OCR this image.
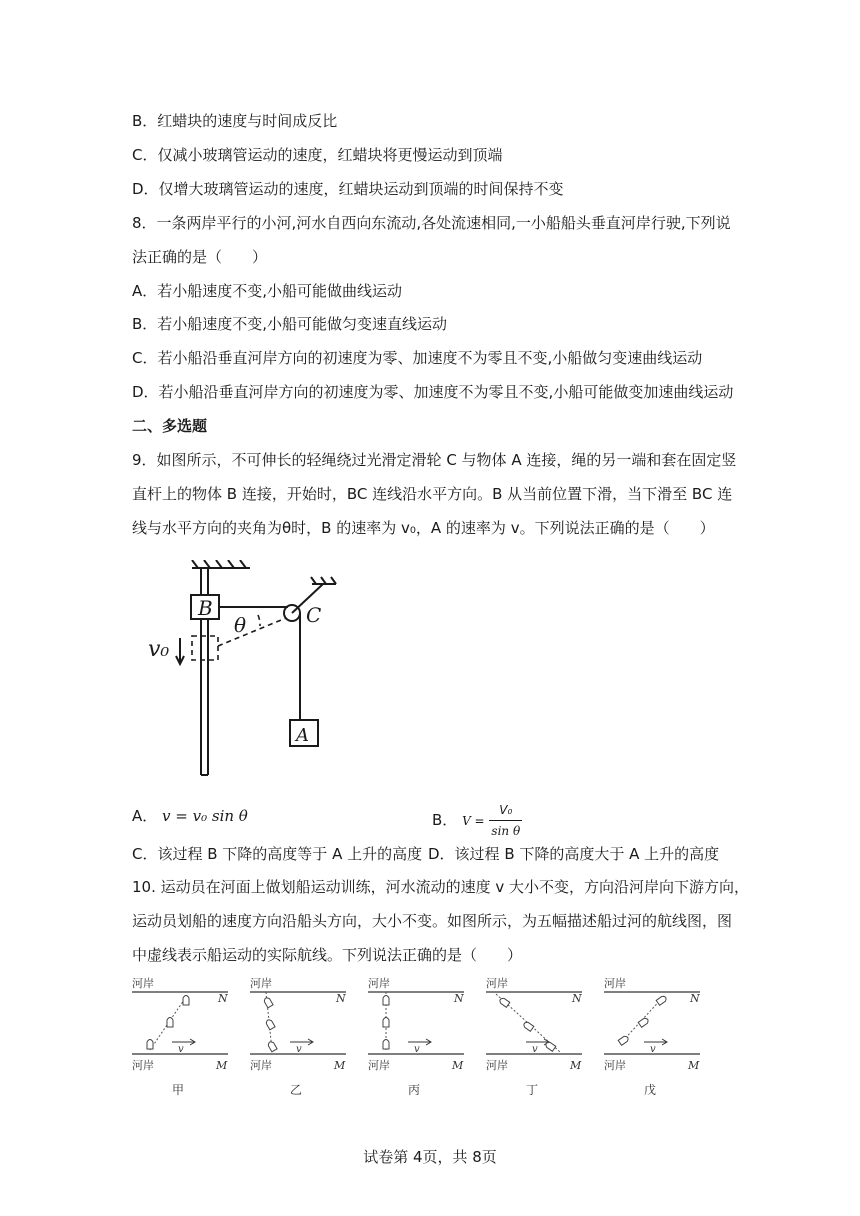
B．红蜡块的速度与时间成反比
C．仅减小玻璃管运动的速度，红蜡块将更慢运动到顶端
D．仅增大玻璃管运动的速度，红蜡块运动到顶端的时间保持不变
8．一条两岸平行的小河,河水自西向东流动,各处流速相同,一小船船头垂直河岸行驶,下列说
法正确的是（　　）
A．若小船速度不变,小船可能做曲线运动
B．若小船速度不变,小船可能做匀变速直线运动
C．若小船沿垂直河岸方向的初速度为零、加速度不为零且不变,小船做匀变速曲线运动
D．若小船沿垂直河岸方向的初速度为零、加速度不为零且不变,小船可能做变加速曲线运动
二、多选题
9．如图所示，不可伸长的轻绳绕过光滑定滑轮 C 与物体 A 连接，绳的另一端和套在固定竖
直杆上的物体 B 连接，开始时，BC 连线沿水平方向。B 从当前位置下滑，当下滑至 BC 连
线与水平方向的夹角为θ时，B 的速率为 v₀，A 的速率为 v。下列说法正确的是（　　）
B	C
A
θ
v₀
A． v = v₀ sin θ	B． $V = \frac{\text{V₀}}{\text{sin θ}}$
C．该过程 B 下降的高度等于 A 上升的高度 D．该过程 B 下降的高度大于 A 上升的高度
10. 运动员在河面上做划船运动训练，河水流动的速度 v 大小不变，方向沿河岸向下游方向，
运动员划船的速度方向沿船头方向，大小不变。如图所示，为五幅描述船过河的航线图，图
中虚线表示船运动的实际航线。下列说法正确的是（　　）
河岸
河岸
N
M
v
甲
河岸
河岸
N
M
v
乙
河岸
河岸
N
M
v
丙
河岸
河岸
N
M
v
丁
河岸
河岸
N
M
v
戊
试卷第 4页，共 8页
